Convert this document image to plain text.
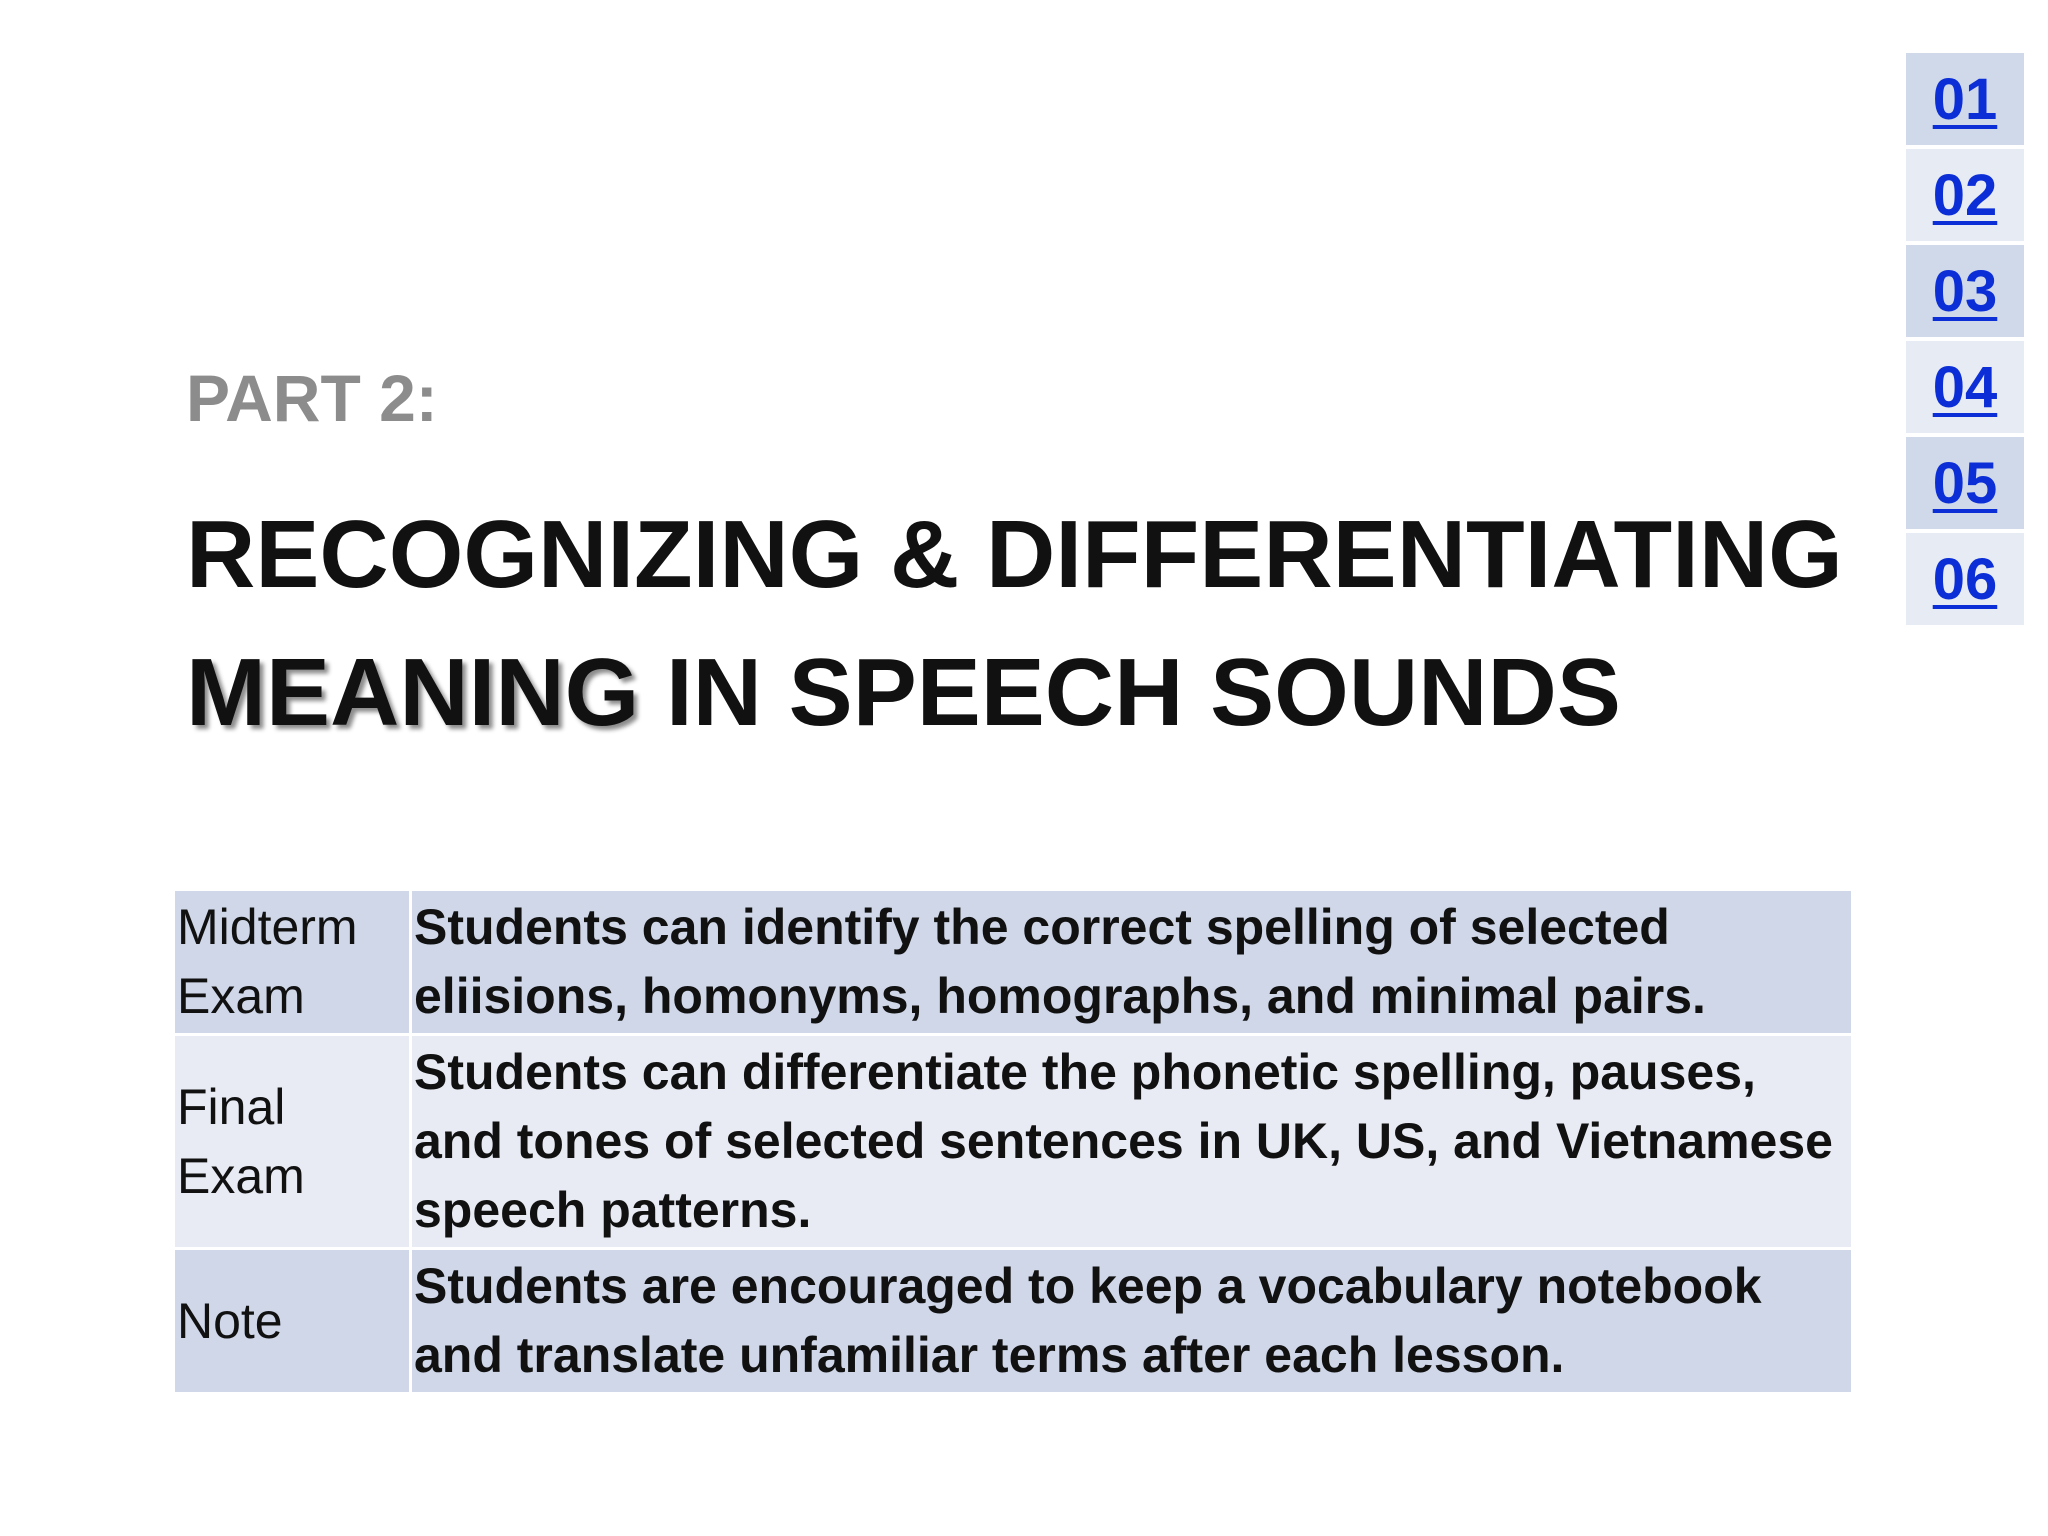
01
02
03
04
05
06
PART 2:
RECOGNIZING & DIFFERENTIATING
MEANING IN SPEECH SOUNDS
Midterm Exam	Students can identify the correct spelling of selected eliisions, homonyms, homographs, and minimal pairs.
Final Exam	Students can differentiate the phonetic spelling, pauses, and tones of selected sentences in UK, US, and Vietnamese speech patterns.
Note	Students are encouraged to keep a vocabulary notebook and translate unfamiliar terms after each lesson.
